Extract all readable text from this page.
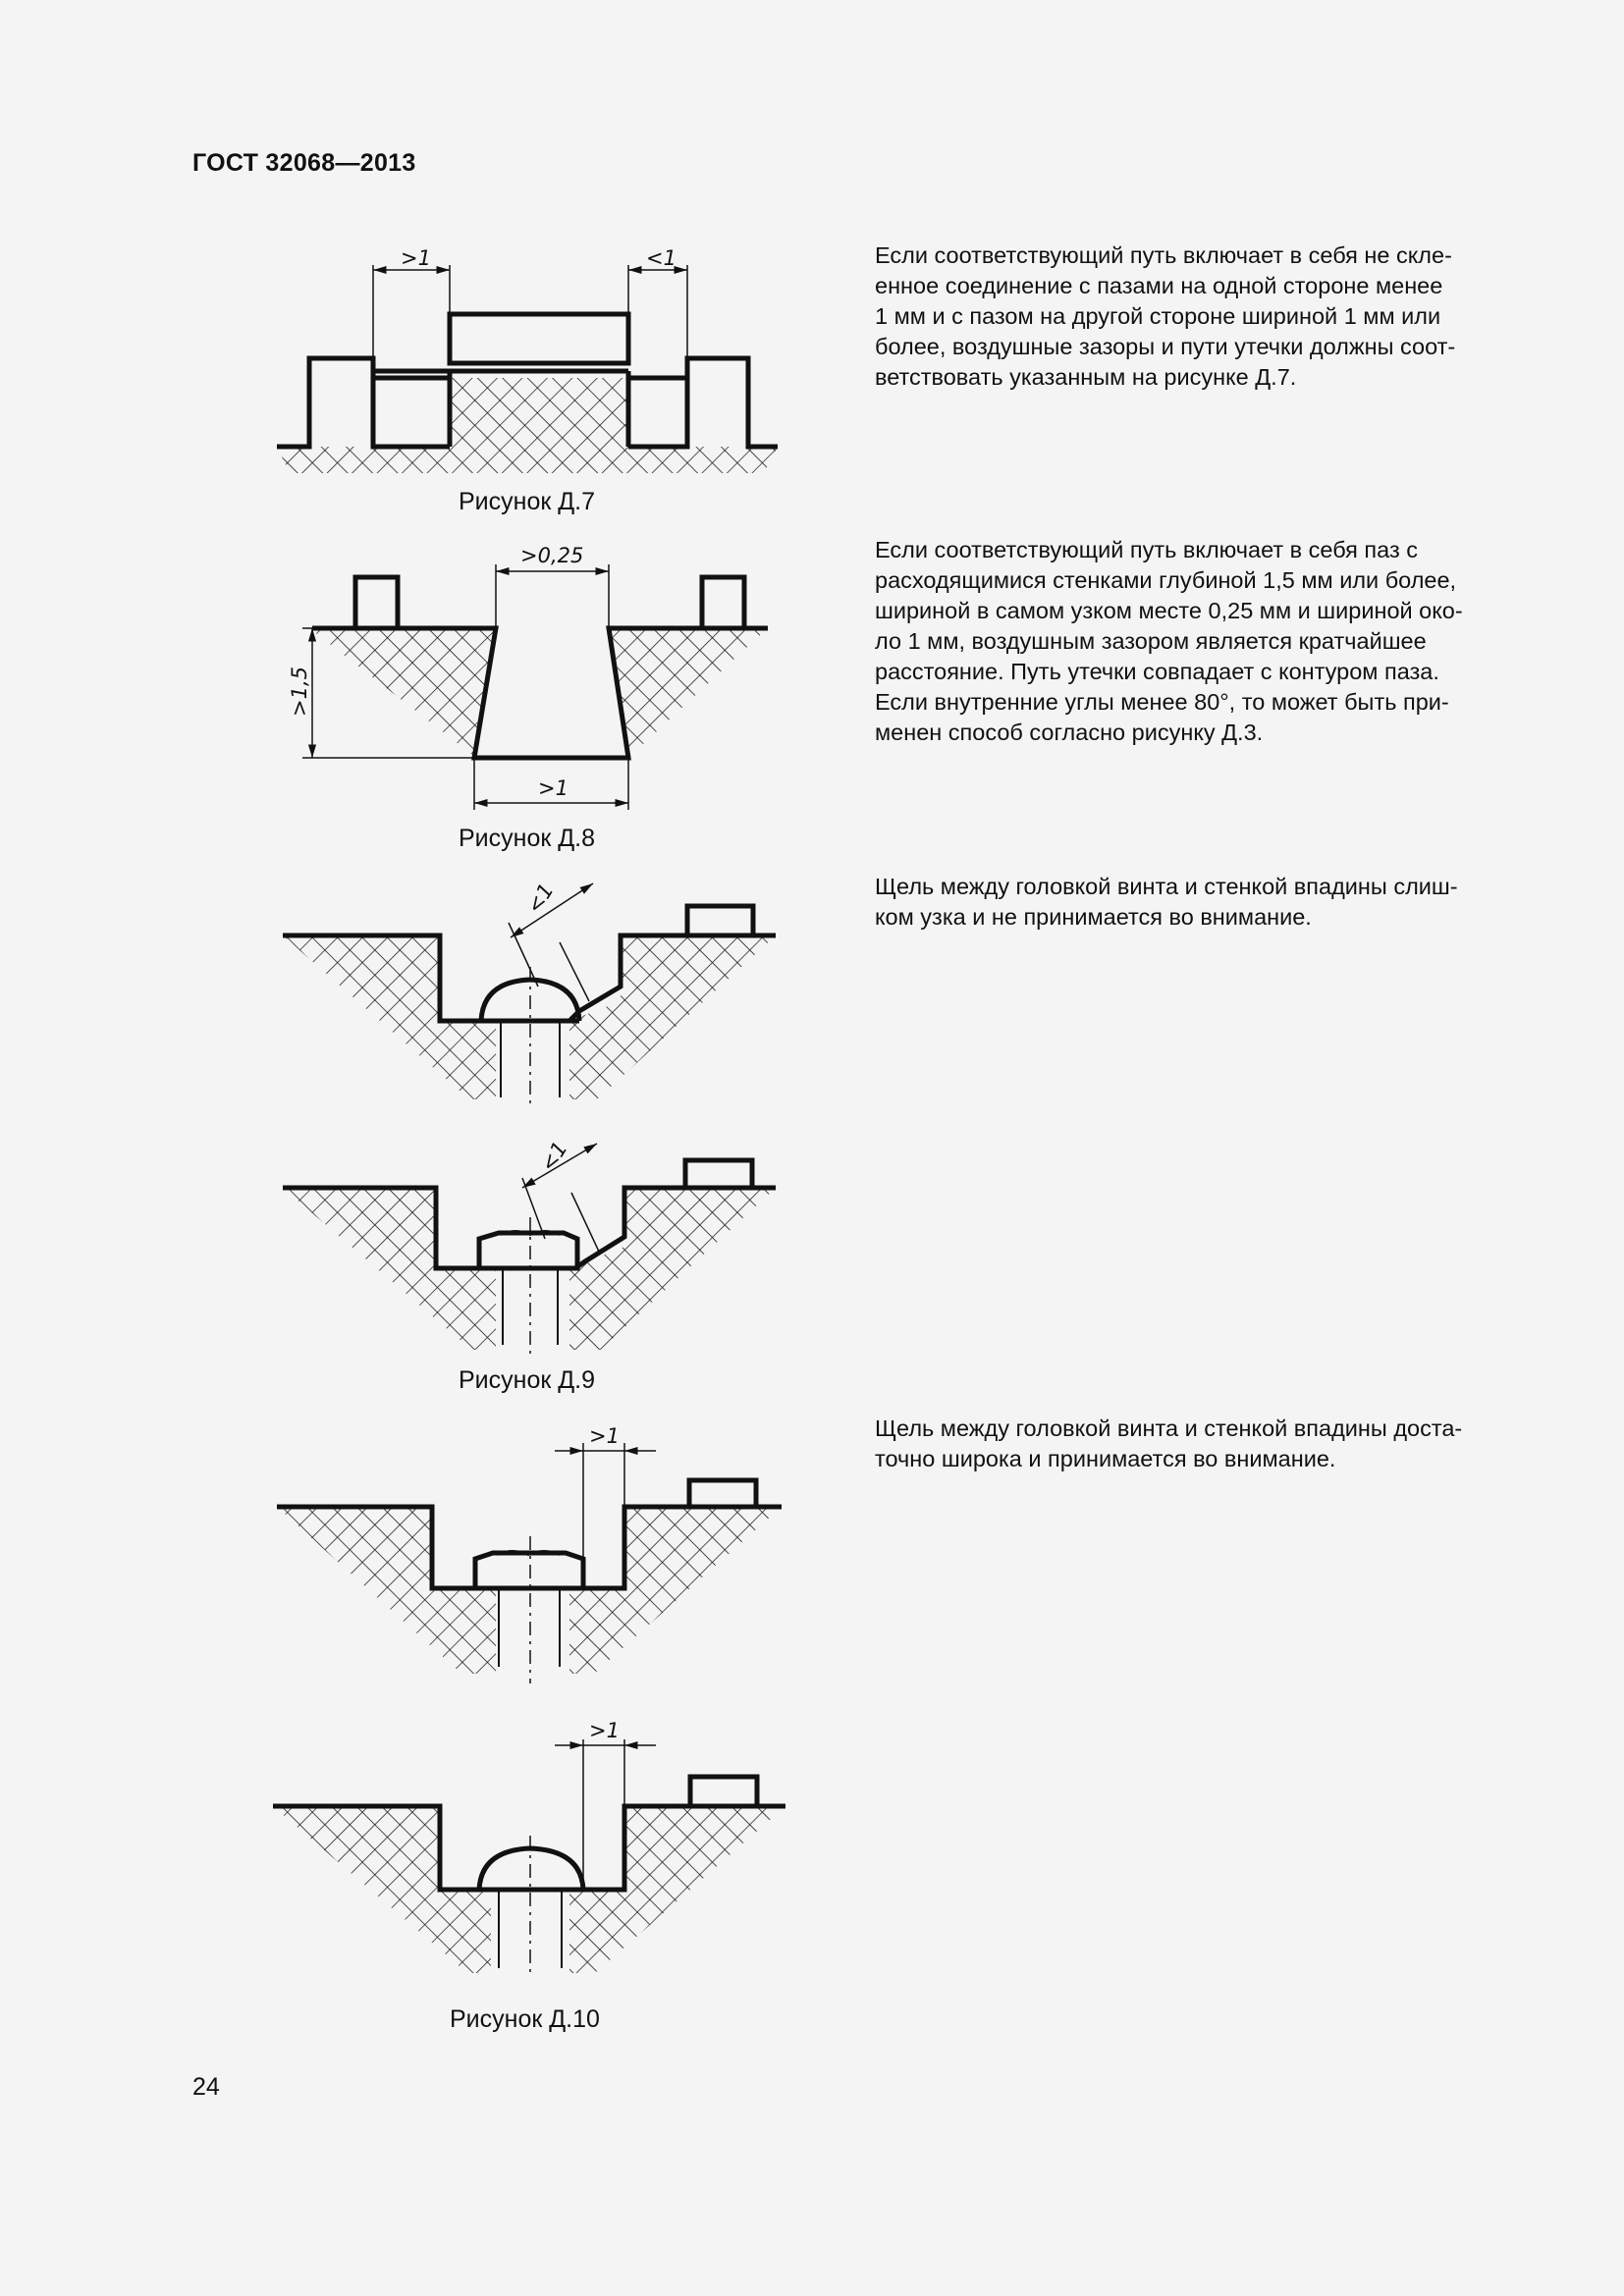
ГОСТ 32068—2013

Если соответствующий путь включает в себя не скле-
енное соединение с пазами на одной стороне менее
1 мм и с пазом на другой стороне шириной 1 мм или
более, воздушные зазоры и пути утечки должны соот-
ветствовать указанным на рисунке Д.7.

Если соответствующий путь включает в себя паз с
расходящимися стенками глубиной 1,5 мм или более,
шириной в самом узком месте 0,25 мм и шириной око-
ло 1 мм, воздушным зазором является кратчайшее
расстояние. Путь утечки совпадает с контуром паза.
Если внутренние углы менее 80°, то может быть при-
менен способ согласно рисунку Д.3.

Щель между головкой винта и стенкой впадины слиш-
ком узка и не принимается во внимание.

Щель между головкой винта и стенкой впадины доста-
точно широка и принимается во внимание.

>1	<1
Рисунок Д.7
>0,25
>1,5
>1
Рисунок Д.8
<1
<1
Рисунок Д.9
>1
>1
Рисунок Д.10
24
